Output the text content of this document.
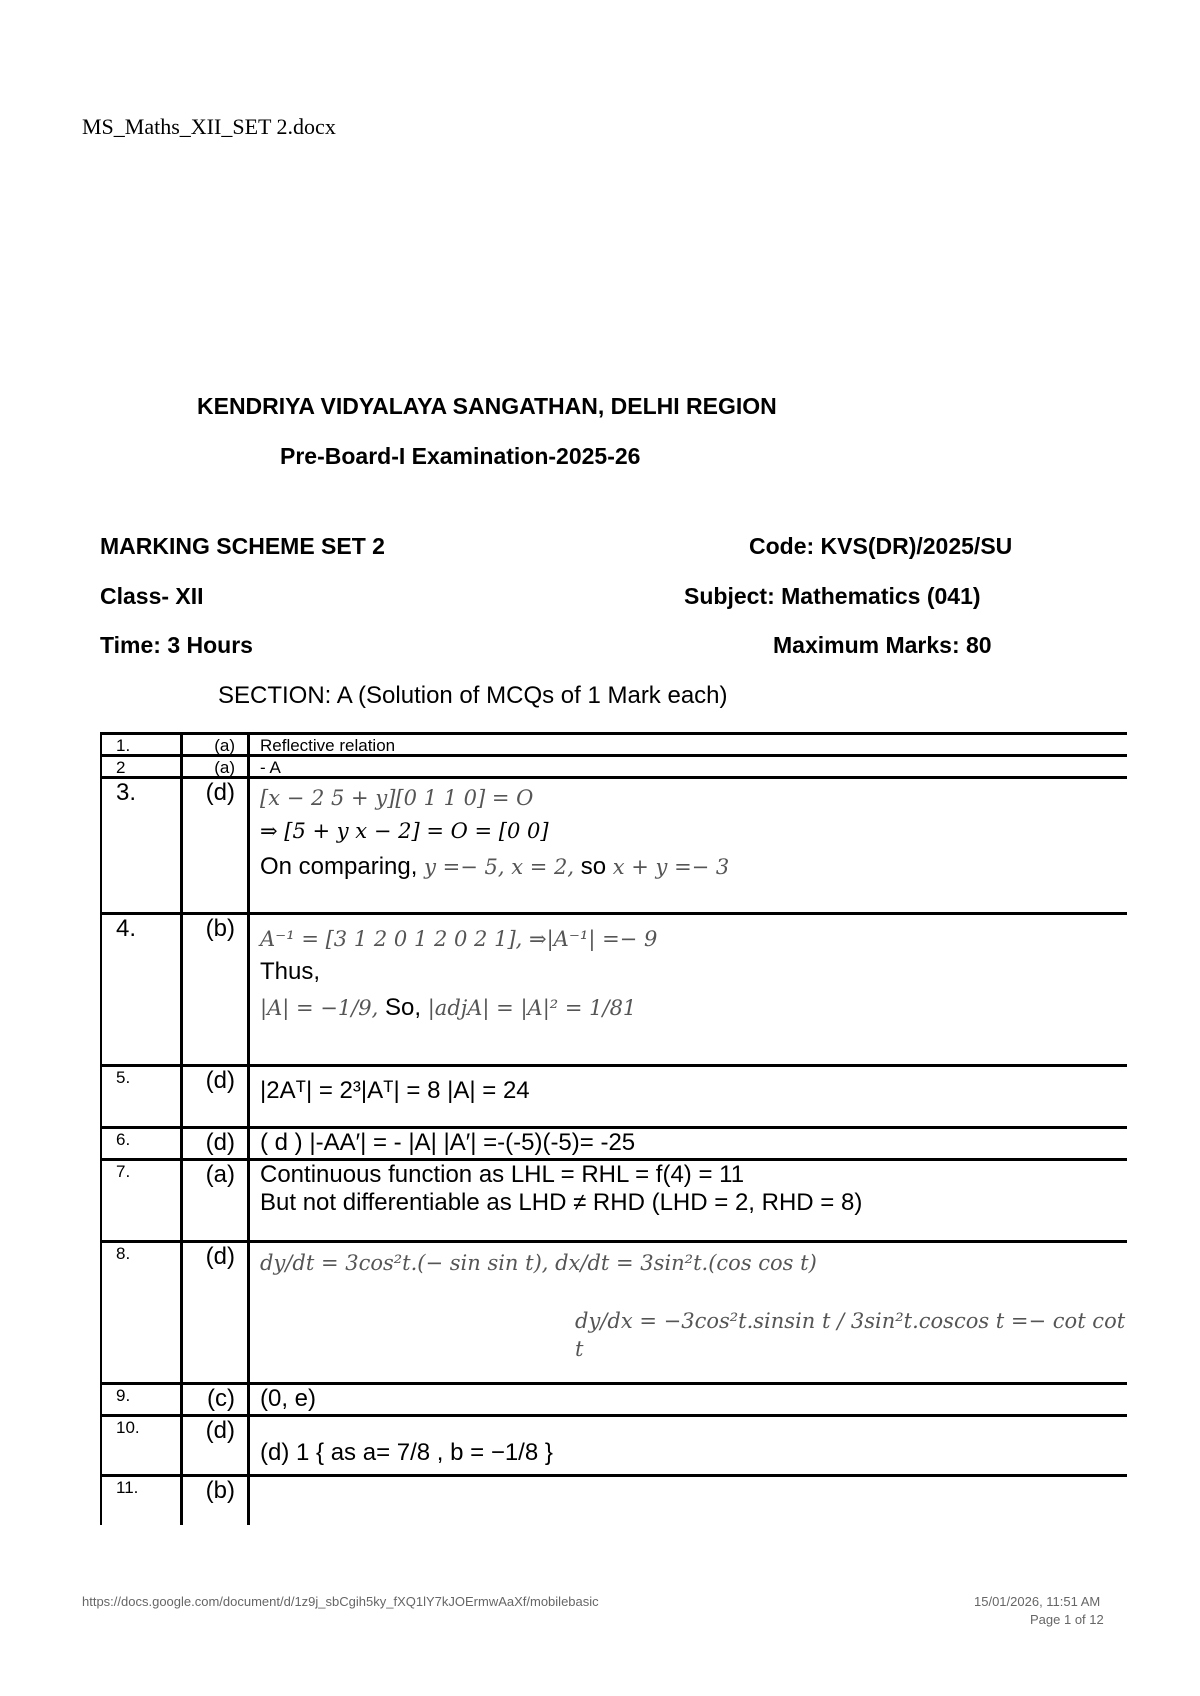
MS_Maths_XII_SET 2.docx
KENDRIYA VIDYALAYA SANGATHAN, DELHI REGION
Pre-Board-I Examination-2025-26
MARKING SCHEME SET 2	Code: KVS(DR)/2025/SU
Class- XII	Subject: Mathematics (041)
Time: 3 Hours	Maximum Marks: 80
SECTION: A (Solution of MCQs of 1 Mark each)
1.	(a)	Reflective relation
2	(a)	- A
3.	(d)	[x − 2 5 + y][0 1 1 0] = O
⇒ [5 + y x − 2] = O = [0 0]
On comparing, y =− 5, x = 2, so x + y =− 3
4.	(b)	A⁻¹ = [3 1 2 0 1 2 0 2 1], ⇒|A⁻¹| =− 9
Thus,
|A| = −1/9, So, |adjA| = |A|² = 1/81
5.	(d)	|2Aᵀ| = 2³|Aᵀ| = 8 |A| = 24
6.	(d)	( d ) |-AA′| = - |A| |A′| =-(-5)(-5)= -25
7.	(a)	Continuous function as LHL = RHL = f(4) = 11
But not differentiable as LHD ≠ RHD (LHD = 2, RHD = 8)
8.	(d)	dy/dt = 3cos²t.(− sin sin t), dx/dt = 3sin²t.(cos cos t)
dy/dx = −3cos²t.sinsin t / 3sin²t.coscos t =− cot cot t
9.	(c)	(0, e)
10.	(d)
(d) 1 { as a= 7/8 , b = −1/8 }
11.	(b)
https://docs.google.com/document/d/1z9j_sbCgih5ky_fXQ1lY7kJOErmwAaXf/mobilebasic	15/01/2026, 11:51 AM
Page 1 of 12
